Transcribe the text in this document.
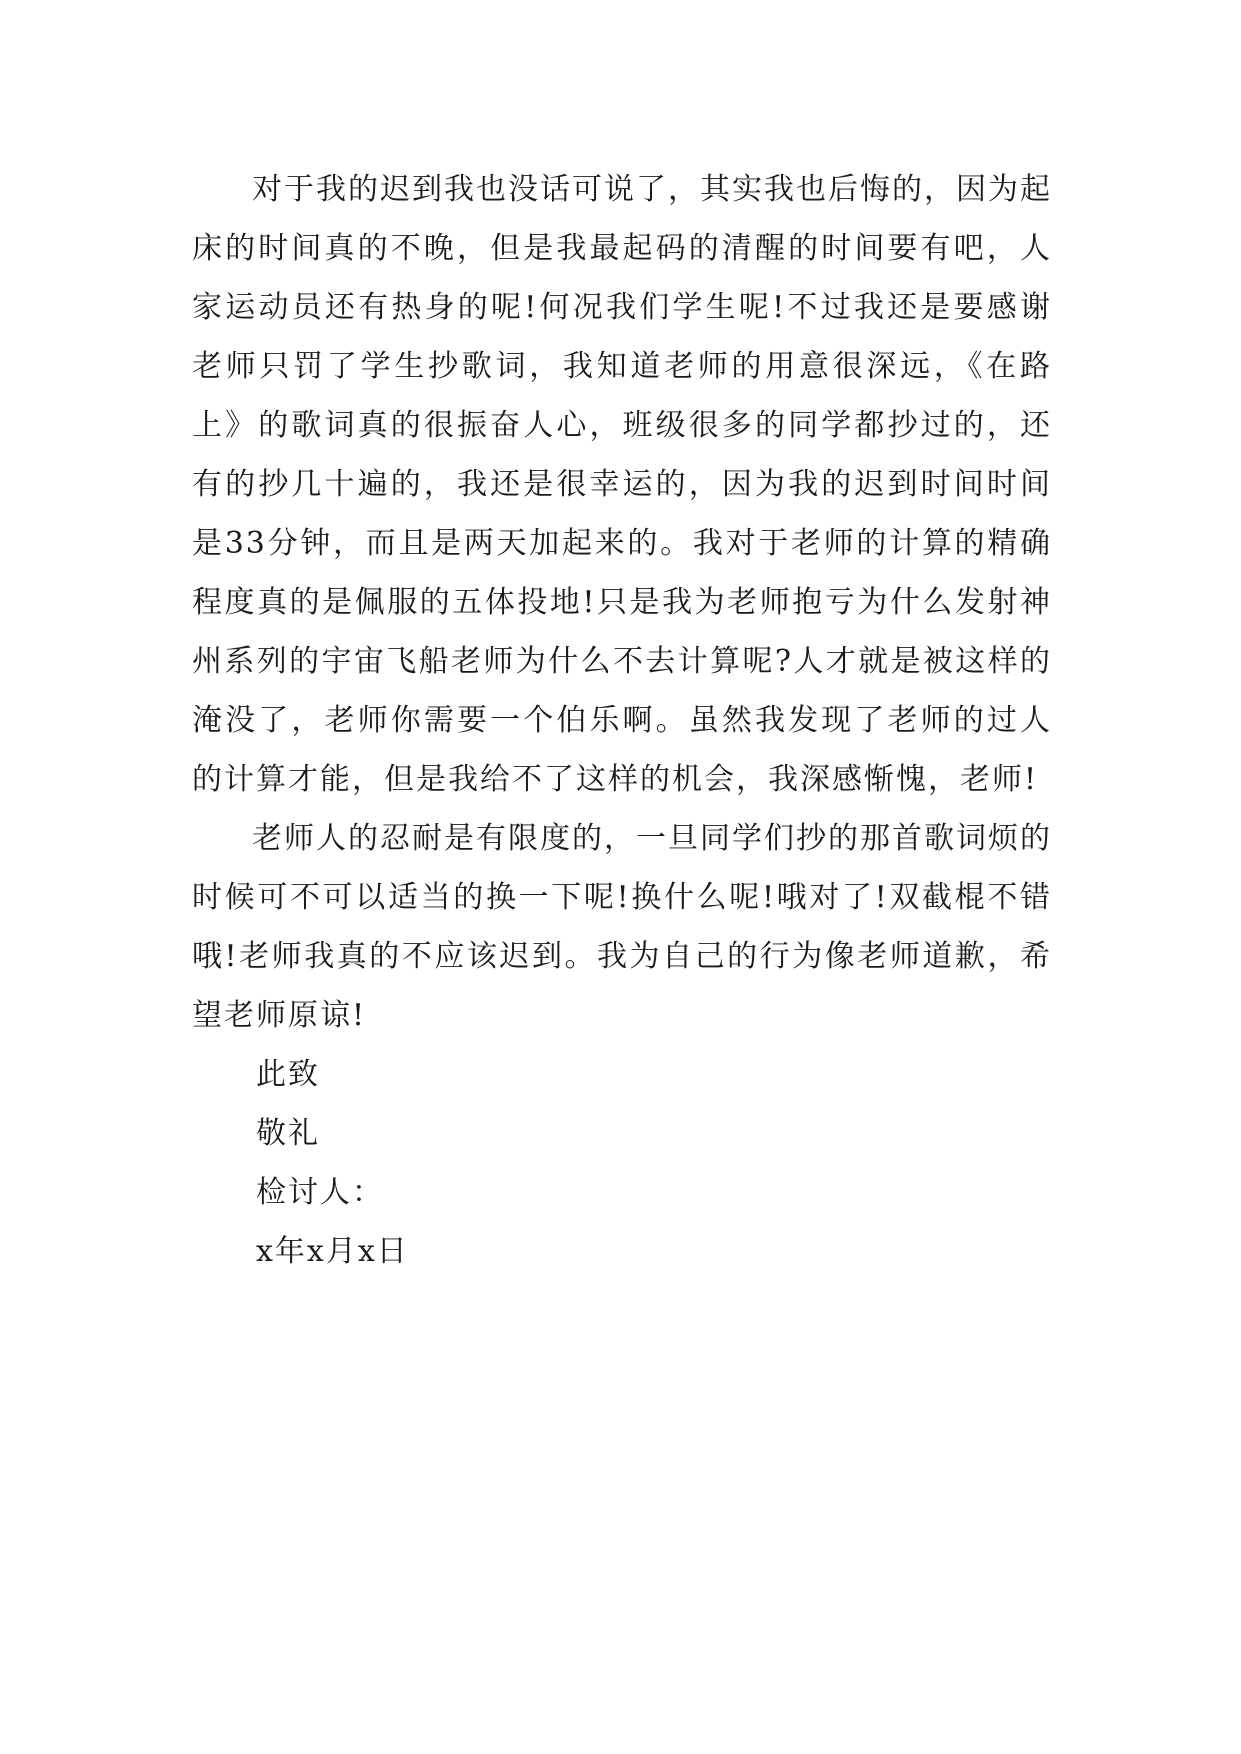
对于我的迟到我也没话可说了，其实我也后悔的，因为起床的时间真的不晚，但是我最起码的清醒的时间要有吧，人家运动员还有热身的呢!何况我们学生呢!不过我还是要感谢老师只罚了学生抄歌词，我知道老师的用意很深远，《在路上》的歌词真的很振奋人心，班级很多的同学都抄过的，还有的抄几十遍的，我还是很幸运的，因为我的迟到时间时间是33分钟，而且是两天加起来的。我对于老师的计算的精确程度真的是佩服的五体投地!只是我为老师抱亏为什么发射神州系列的宇宙飞船老师为什么不去计算呢?人才就是被这样的淹没了，老师你需要一个伯乐啊。虽然我发现了老师的过人的计算才能，但是我给不了这样的机会，我深感惭愧，老师!

老师人的忍耐是有限度的，一旦同学们抄的那首歌词烦的时候可不可以适当的换一下呢!换什么呢!哦对了!双截棍不错哦!老师我真的不应该迟到。我为自己的行为像老师道歉，希望老师原谅!

此致

敬礼

检讨人：

x年x月x日
